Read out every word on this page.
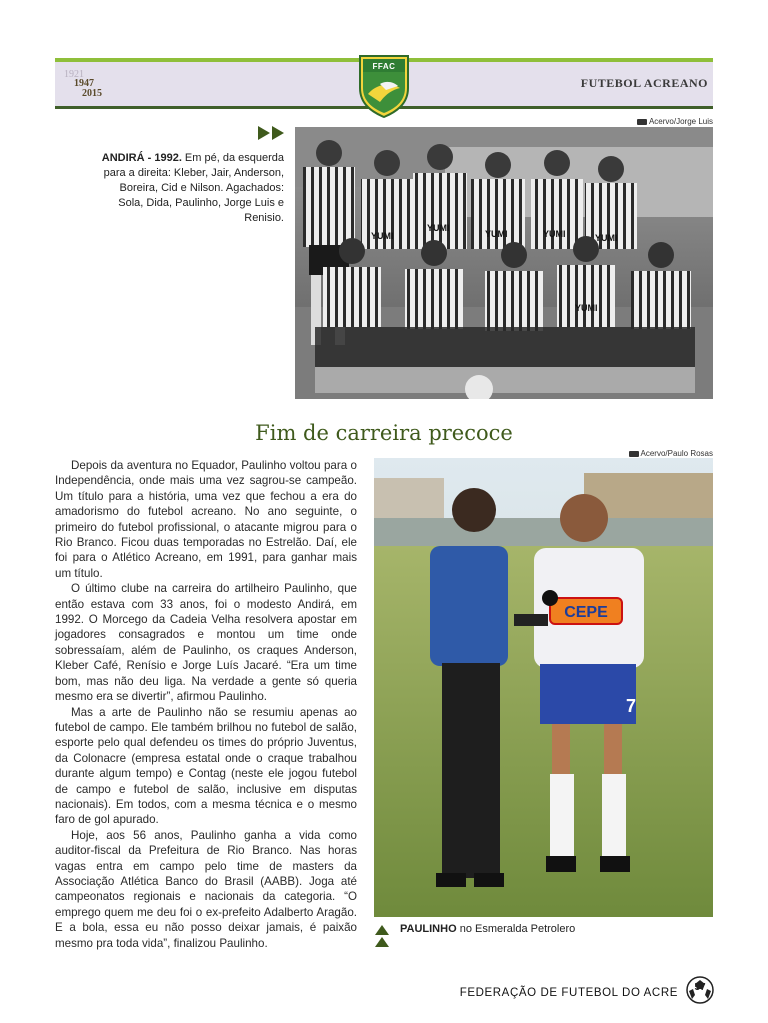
1921
1947
2015
FFAC
FUTEBOL ACREANO
Acervo/Jorge Luis
ANDIRÁ - 1992. Em pé, da esquerda para a direita: Kleber, Jair, Anderson, Boreira, Cid e Nilson. Agachados: Sola, Dida, Paulinho, Jorge Luis e Renisio.
YUMI
YUMI
YUMI	YUMI	YUMI
YUMI
Fim de carreira precoce

Depois da aventura no Equador, Paulinho voltou para o Independência, onde mais uma vez sagrou-se campeão. Um título para a história, uma vez que fechou a era do amadorismo do futebol acreano. No ano seguinte, o primeiro do futebol profissional, o atacante migrou para o Rio Branco. Ficou duas temporadas no Estrelão. Daí, ele foi para o Atlético Acreano, em 1991, para ganhar mais um título.

O último clube na carreira do artilheiro Paulinho, que então estava com 33 anos, foi o modesto Andirá, em 1992. O Morcego da Cadeia Velha resolvera apostar em jogadores consagrados e montou um time onde sobressaíam, além de Paulinho, os craques Anderson, Kleber Café, Renísio e Jorge Luís Jacaré. “Era um time bom, mas não deu liga. Na verdade a gente só queria mesmo era se divertir”, afirmou Paulinho.

Mas a arte de Paulinho não se resumiu apenas ao futebol de campo. Ele também brilhou no futebol de salão, esporte pelo qual defendeu os times do próprio Juventus, da Colonacre (empresa estatal onde o craque trabalhou durante algum tempo) e Contag (neste ele jogou futebol de campo e futebol de salão, inclusive em disputas nacionais). Em todos, com a mesma técnica e o mesmo faro de gol apurado.

Hoje, aos 56 anos, Paulinho ganha a vida como auditor-fiscal da Prefeitura de Rio Branco. Nas horas vagas entra em campo pelo time de masters da Associação Atlética Banco do Brasil (AABB). Joga até campeonatos regionais e nacionais da categoria. “O emprego quem me deu foi o ex-prefeito Adalberto Aragão. E a bola, essa eu não posso deixar jamais, é paixão mesmo pra toda vida”, finalizou Paulinho.

Acervo/Paulo Rosas
CEPE
7
PAULINHO no Esmeralda Petrolero
FEDERAÇÃO DE FUTEBOL DO ACRE	57
